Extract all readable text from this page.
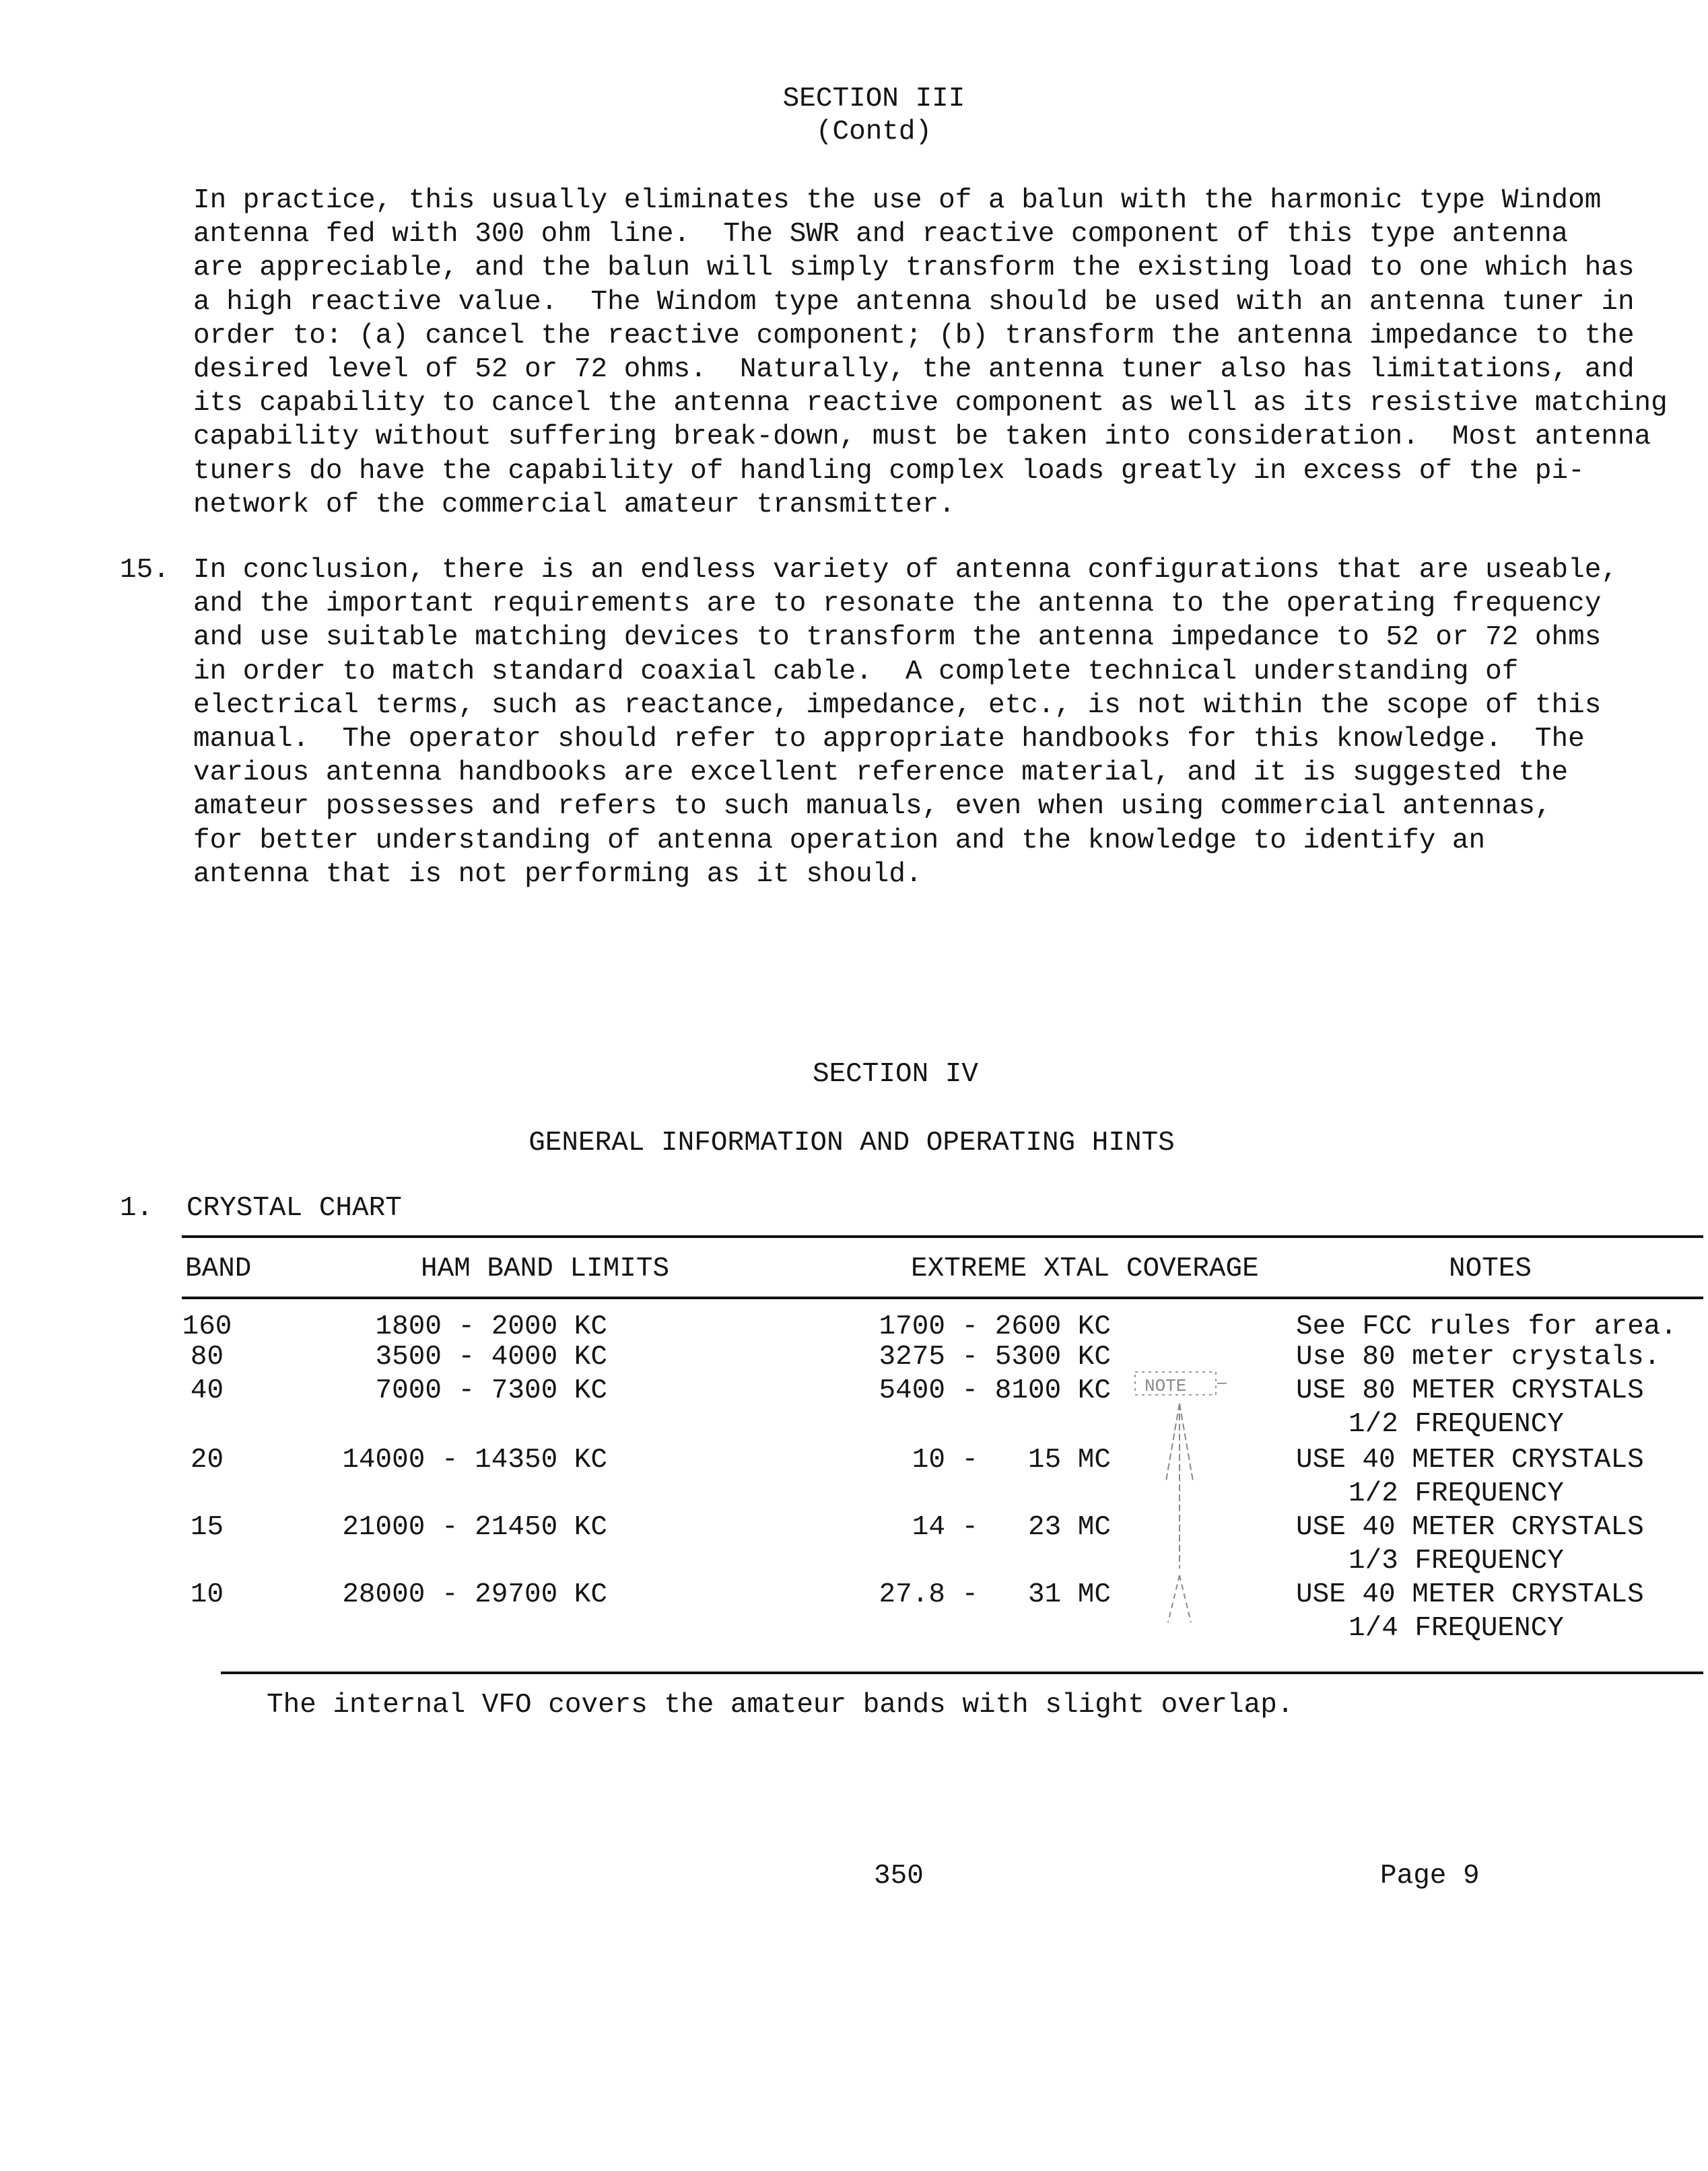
SECTION III
(Contd)
In practice, this usually eliminates the use of a balun with the harmonic type Windom
antenna fed with 300 ohm line.  The SWR and reactive component of this type antenna
are appreciable, and the balun will simply transform the existing load to one which has
a high reactive value.  The Windom type antenna should be used with an antenna tuner in
order to: (a) cancel the reactive component; (b) transform the antenna impedance to the
desired level of 52 or 72 ohms.  Naturally, the antenna tuner also has limitations, and
its capability to cancel the antenna reactive component as well as its resistive matching
capability without suffering break-down, must be taken into consideration.  Most antenna
tuners do have the capability of handling complex loads greatly in excess of the pi-
network of the commercial amateur transmitter.
15. In conclusion, there is an endless variety of antenna configurations that are useable,
and the important requirements are to resonate the antenna to the operating frequency
and use suitable matching devices to transform the antenna impedance to 52 or 72 ohms
in order to match standard coaxial cable.  A complete technical understanding of
electrical terms, such as reactance, impedance, etc., is not within the scope of this
manual.  The operator should refer to appropriate handbooks for this knowledge.  The
various antenna handbooks are excellent reference material, and it is suggested the
amateur possesses and refers to such manuals, even when using commercial antennas,
for better understanding of antenna operation and the knowledge to identify an
antenna that is not performing as it should.
SECTION IV
GENERAL INFORMATION AND OPERATING HINTS
1. CRYSTAL CHART
BAND	HAM BAND LIMITS	EXTREME XTAL COVERAGE	NOTES
160	1800 - 2000 KC	1700 - 2600 KC	See FCC rules for area.
80	3500 - 4000 KC	3275 - 5300 KC	Use 80 meter crystals.
40	7000 - 7300 KC	5400 - 8100 KC	USE 80 METER CRYSTALS
1/2 FREQUENCY
20	14000 - 14350 KC	10 -   15 MC	USE 40 METER CRYSTALS
1/2 FREQUENCY
15	21000 - 21450 KC	14 -   23 MC	USE 40 METER CRYSTALS
1/3 FREQUENCY
10	28000 - 29700 KC	27.8 -   31 MC	USE 40 METER CRYSTALS
1/4 FREQUENCY
NOTE
The internal VFO covers the amateur bands with slight overlap.
350	Page 9
